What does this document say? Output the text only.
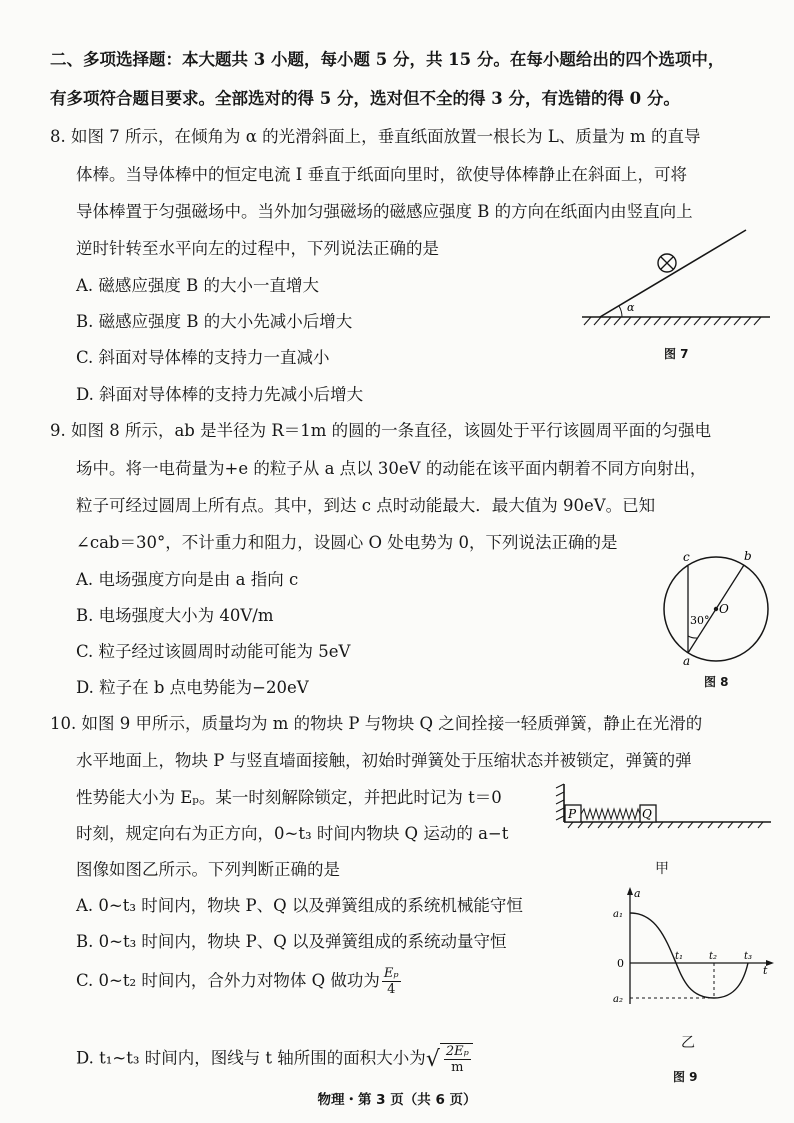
二、多项选择题：本大题共 3 小题，每小题 5 分，共 15 分。在每小题给出的四个选项中，
有多项符合题目要求。全部选对的得 5 分，选对但不全的得 3 分，有选错的得 0 分。
8. 如图 7 所示，在倾角为 α 的光滑斜面上，垂直纸面放置一根长为 L、质量为 m 的直导
体棒。当导体棒中的恒定电流 I 垂直于纸面向里时，欲使导体棒静止在斜面上，可将
导体棒置于匀强磁场中。当外加匀强磁场的磁感应强度 B 的方向在纸面内由竖直向上
逆时针转至水平向左的过程中，下列说法正确的是
A. 磁感应强度 B 的大小一直增大
B. 磁感应强度 B 的大小先减小后增大
C. 斜面对导体棒的支持力一直减小
D. 斜面对导体棒的支持力先减小后增大
α
图 7
9. 如图 8 所示，ab 是半径为 R＝1m 的圆的一条直径，该圆处于平行该圆周平面的匀强电
场中。将一电荷量为+e 的粒子从 a 点以 30eV 的动能在该平面内朝着不同方向射出，
粒子可经过圆周上所有点。其中，到达 c 点时动能最大．最大值为 90eV。已知
∠cab＝30°，不计重力和阻力，设圆心 O 处电势为 0，下列说法正确的是
A. 电场强度方向是由 a 指向 c
B. 电场强度大小为 40V/m
C. 粒子经过该圆周时动能可能为 5eV
D. 粒子在 b 点电势能为−20eV
c	b
a
O
30°
图 8
10. 如图 9 甲所示，质量均为 m 的物块 P 与物块 Q 之间拴接一轻质弹簧，静止在光滑的
水平地面上，物块 P 与竖直墙面接触，初始时弹簧处于压缩状态并被锁定，弹簧的弹
性势能大小为 Eₚ。某一时刻解除锁定，并把此时记为 t＝0
时刻，规定向右为正方向，0~t₃ 时间内物块 Q 运动的 a−t
图像如图乙所示。下列判断正确的是
A. 0~t₃ 时间内，物块 P、Q 以及弹簧组成的系统机械能守恒
B. 0~t₃ 时间内，物块 P、Q 以及弹簧组成的系统动量守恒
C. 0~t₂ 时间内，合外力对物体 Q 做功为 $\frac{\text{Eₚ}}{4}$
D. t₁~t₃ 时间内，图线与 t 轴所围的面积大小为√ $\frac{\text{2Eₚ}}{m}$
P	Q
甲
a
t
0
a₁
a₂
t₁	t₂	t₃
乙
图 9
物理・第 3 页（共 6 页）
